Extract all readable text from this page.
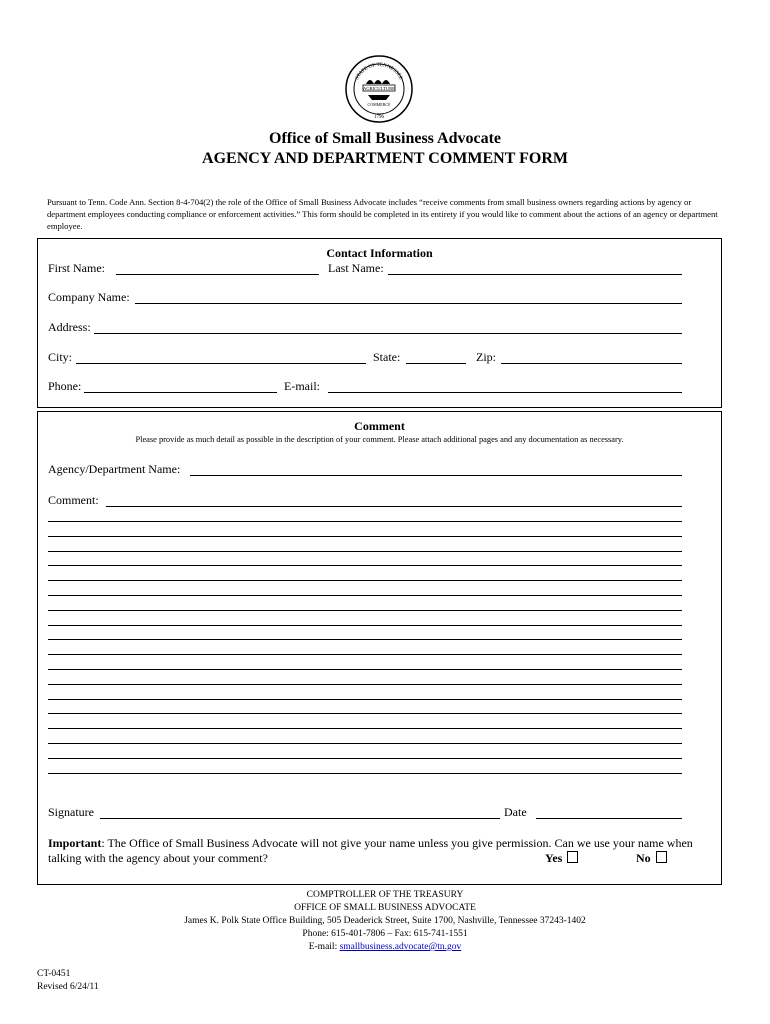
STATE OF TENNESSEE
AGRICULTURE
COMMERCE
1796
Office of Small Business Advocate
AGENCY AND DEPARTMENT COMMENT FORM
Pursuant to Tenn. Code Ann. Section 8-4-704(2) the role of the Office of Small Business Advocate includes “receive comments from small business owners regarding actions by agency or department employees conducting compliance or enforcement activities.” This form should be completed in its entirety if you would like to comment about the actions of an agency or department employee.
Contact Information
First Name:	Last Name:
Company Name:
Address:
City:	State:	Zip:
Phone:	E-mail:
Comment
Please provide as much detail as possible in the description of your comment. Please attach additional pages and any documentation as necessary.
Agency/Department Name:
Comment:
Signature	Date
Important: The Office of Small Business Advocate will not give your name unless you give permission. Can we use your name when talking with the agency about your comment?	Yes	No
COMPTROLLER OF THE TREASURY
OFFICE OF SMALL BUSINESS ADVOCATE
James K. Polk State Office Building, 505 Deaderick Street, Suite 1700, Nashville, Tennessee 37243-1402
Phone: 615-401-7806 – Fax: 615-741-1551
E-mail: smallbusiness.advocate@tn.gov
CT-0451
Revised 6/24/11
